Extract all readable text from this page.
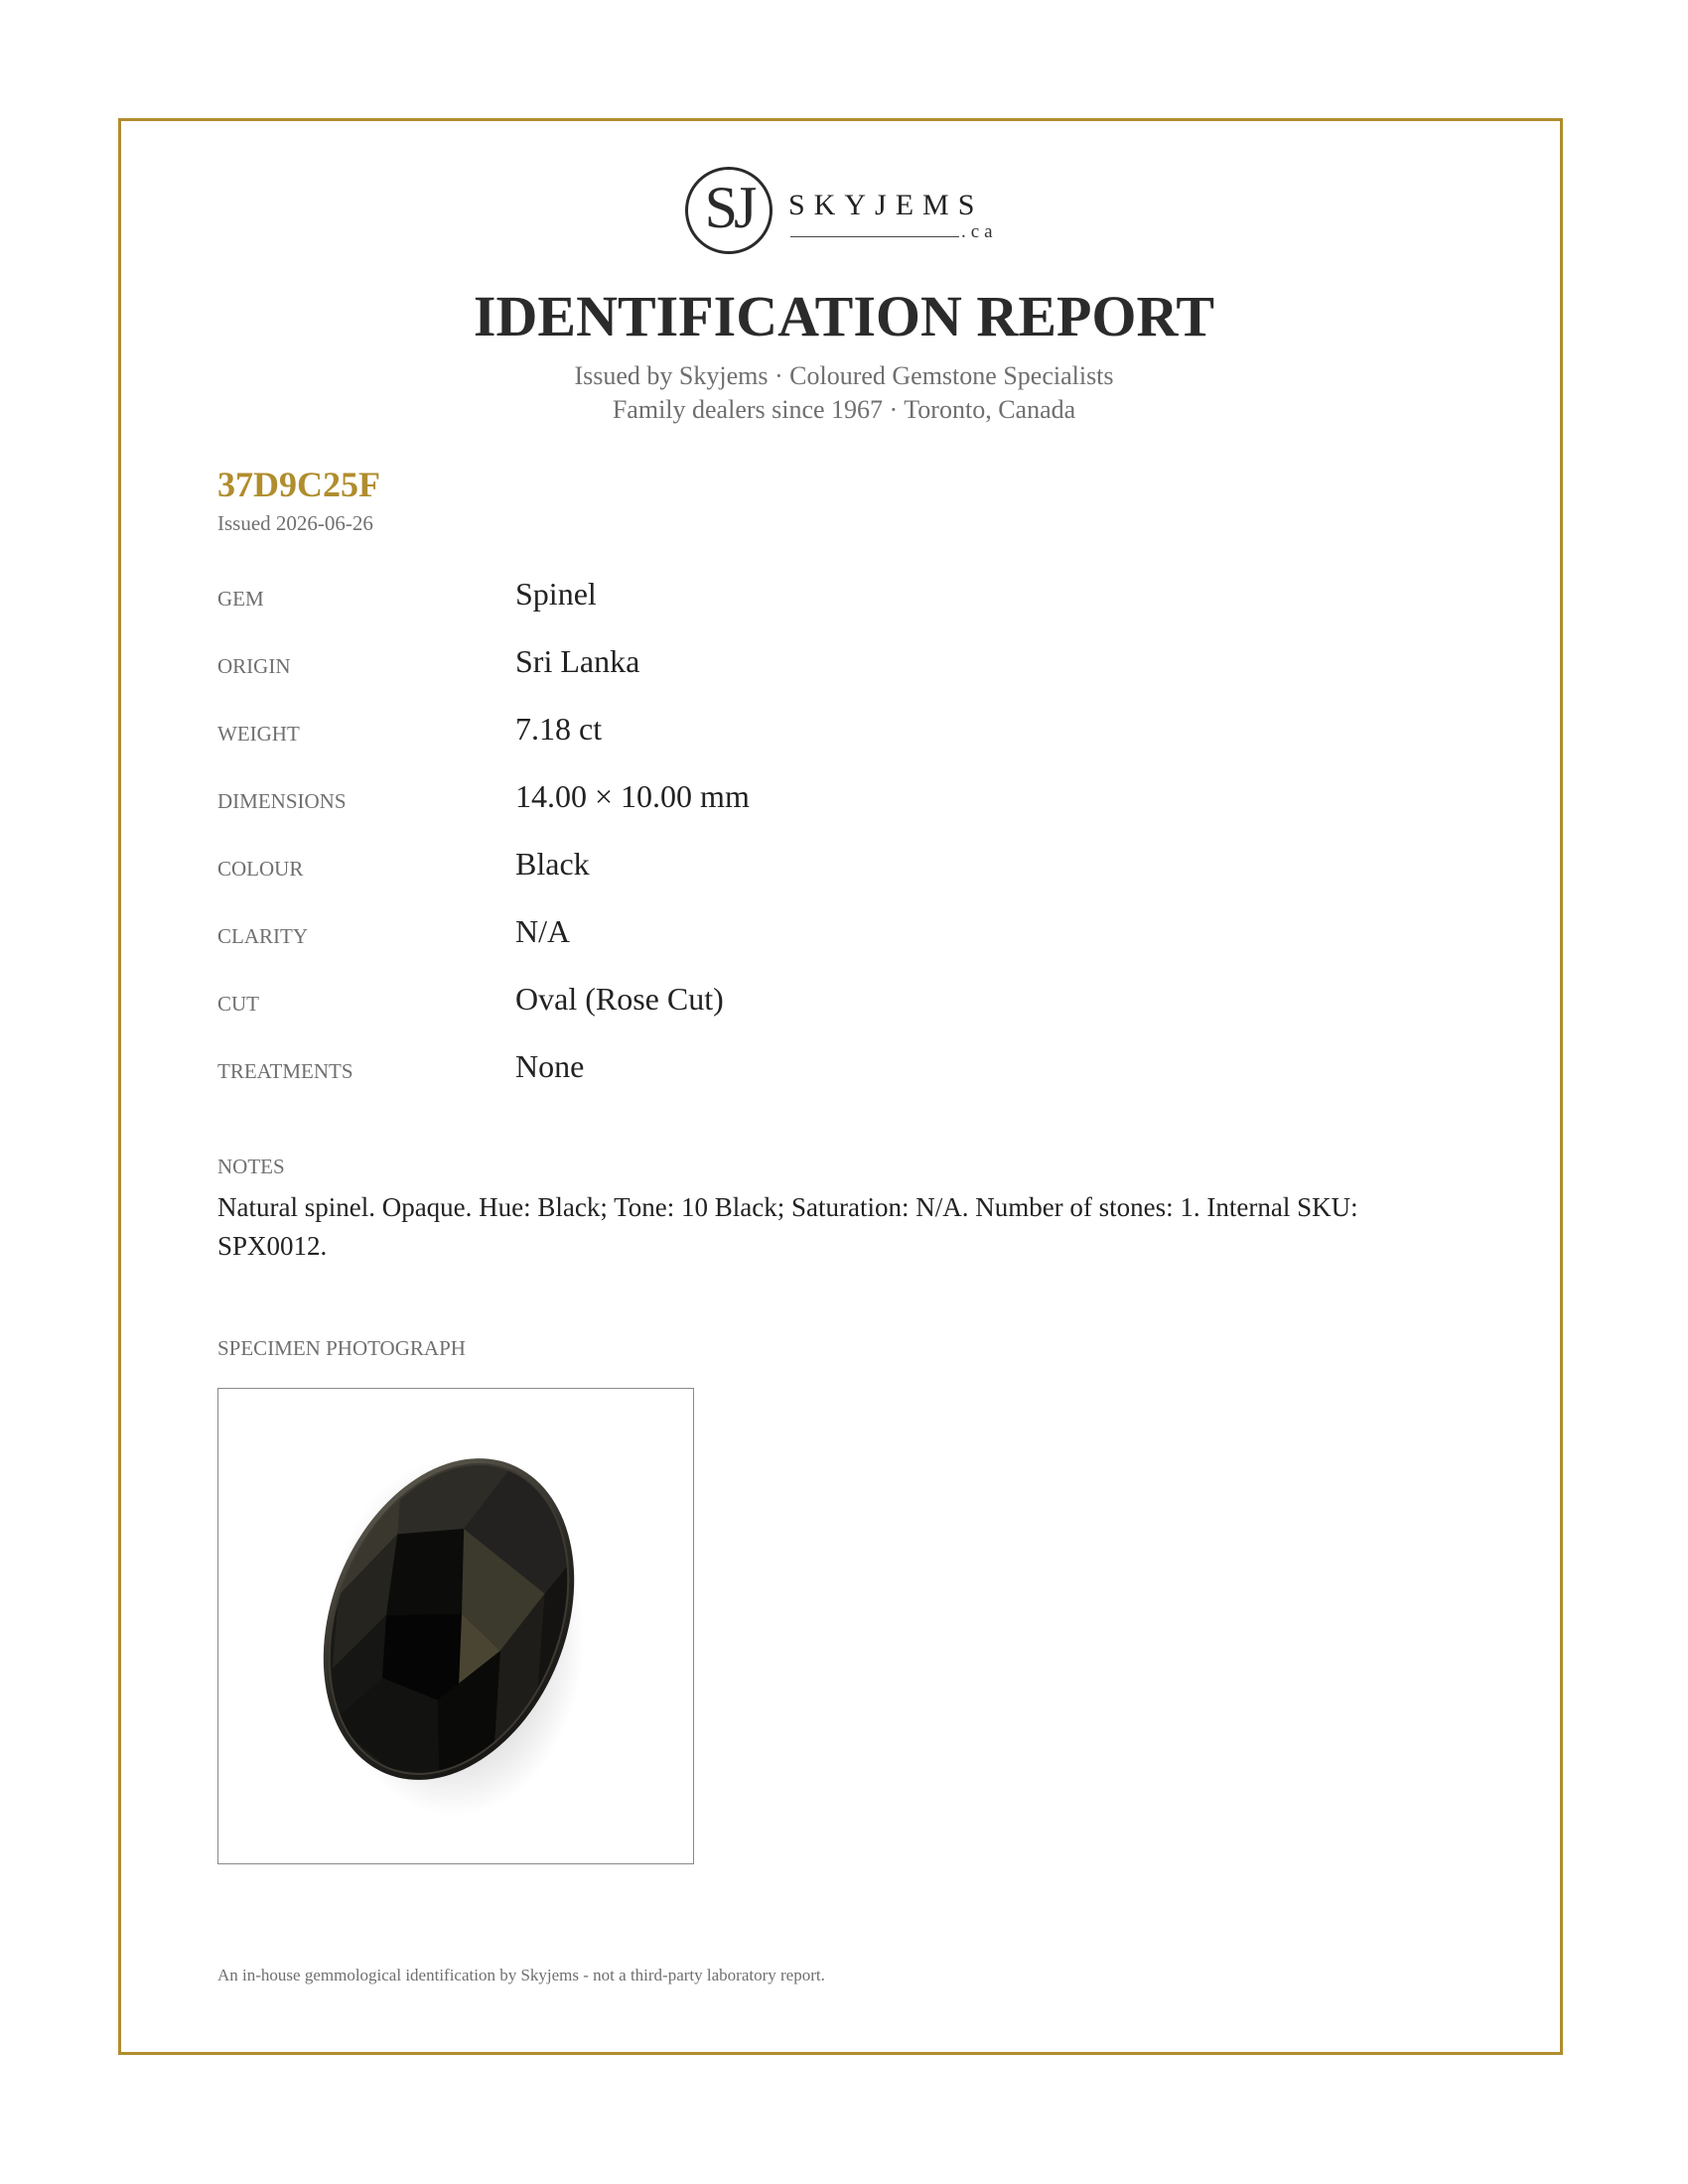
SJ	SKYJEMS
.ca
IDENTIFICATION REPORT
Issued by Skyjems · Coloured Gemstone Specialists
Family dealers since 1967 · Toronto, Canada
37D9C25F
Issued 2026-06-26
GEM	Spinel
ORIGIN	Sri Lanka
WEIGHT	7.18 ct
DIMENSIONS	14.00 × 10.00 mm
COLOUR	Black
CLARITY	N/A
CUT	Oval (Rose Cut)
TREATMENTS	None
NOTES
Natural spinel. Opaque. Hue: Black; Tone: 10 Black; Saturation: N/A. Number of stones: 1. Internal SKU: SPX0012.
SPECIMEN PHOTOGRAPH
An in-house gemmological identification by Skyjems - not a third-party laboratory report.
